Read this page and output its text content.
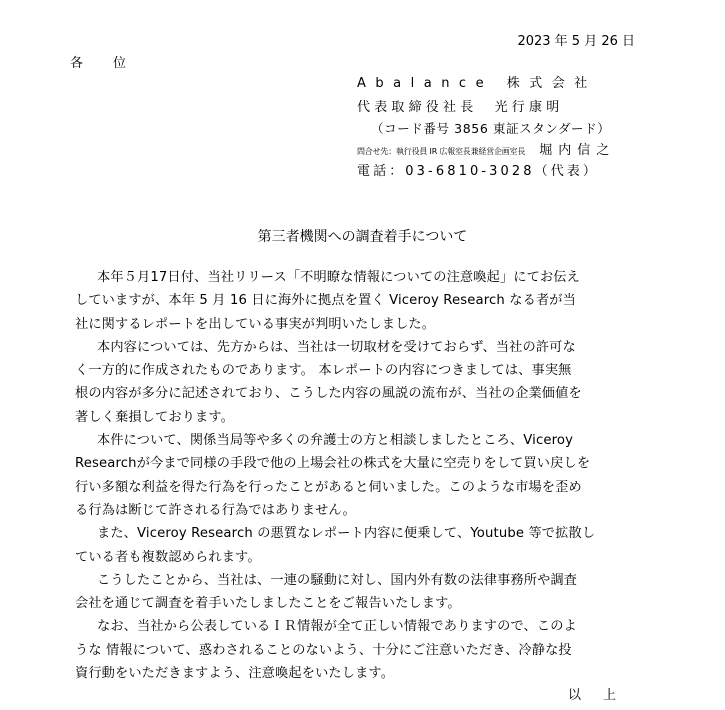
2023 年 5 月 26 日
各位
Abalance 株式会社
代表取締役社長　光行康明
（コード番号 3856 東証スタンダード）
問合せ先：執行役員 IR 広報室長兼経営企画室長 堀内信之
電話：03-6810-3028（代表）
第三者機関への調査着手について
本年５月17日付、当社リリース「不明瞭な情報についての注意喚起」にてお伝え
していますが、本年 5 月 16 日に海外に拠点を置く Viceroy Research なる者が当
社に関するレポートを出している事実が判明いたしました。
本内容については、先方からは、当社は一切取材を受けておらず、当社の許可な
く一方的に作成されたものであります。 本レポートの内容につきましては、事実無
根の内容が多分に記述されており、こうした内容の風説の流布が、当社の企業価値を
著しく棄損しております。
本件について、関係当局等や多くの弁護士の方と相談しましたところ、Viceroy
Researchが今まで同様の手段で他の上場会社の株式を大量に空売りをして買い戻しを
行い多額な利益を得た行為を行ったことがあると伺いました。このような市場を歪め
る行為は断じて許される行為ではありません。
また、Viceroy Research の悪質なレポート内容に便乗して、Youtube 等で拡散し
ている者も複数認められます。
こうしたことから、当社は、一連の騒動に対し、国内外有数の法律事務所や調査
会社を通じて調査を着手いたしましたことをご報告いたします。
なお、当社から公表しているＩＲ情報が全て正しい情報でありますので、このよ
うな 情報について、惑わされることのないよう、十分にご注意いただき、冷静な投
資行動をいただきますよう、注意喚起をいたします。
以上
